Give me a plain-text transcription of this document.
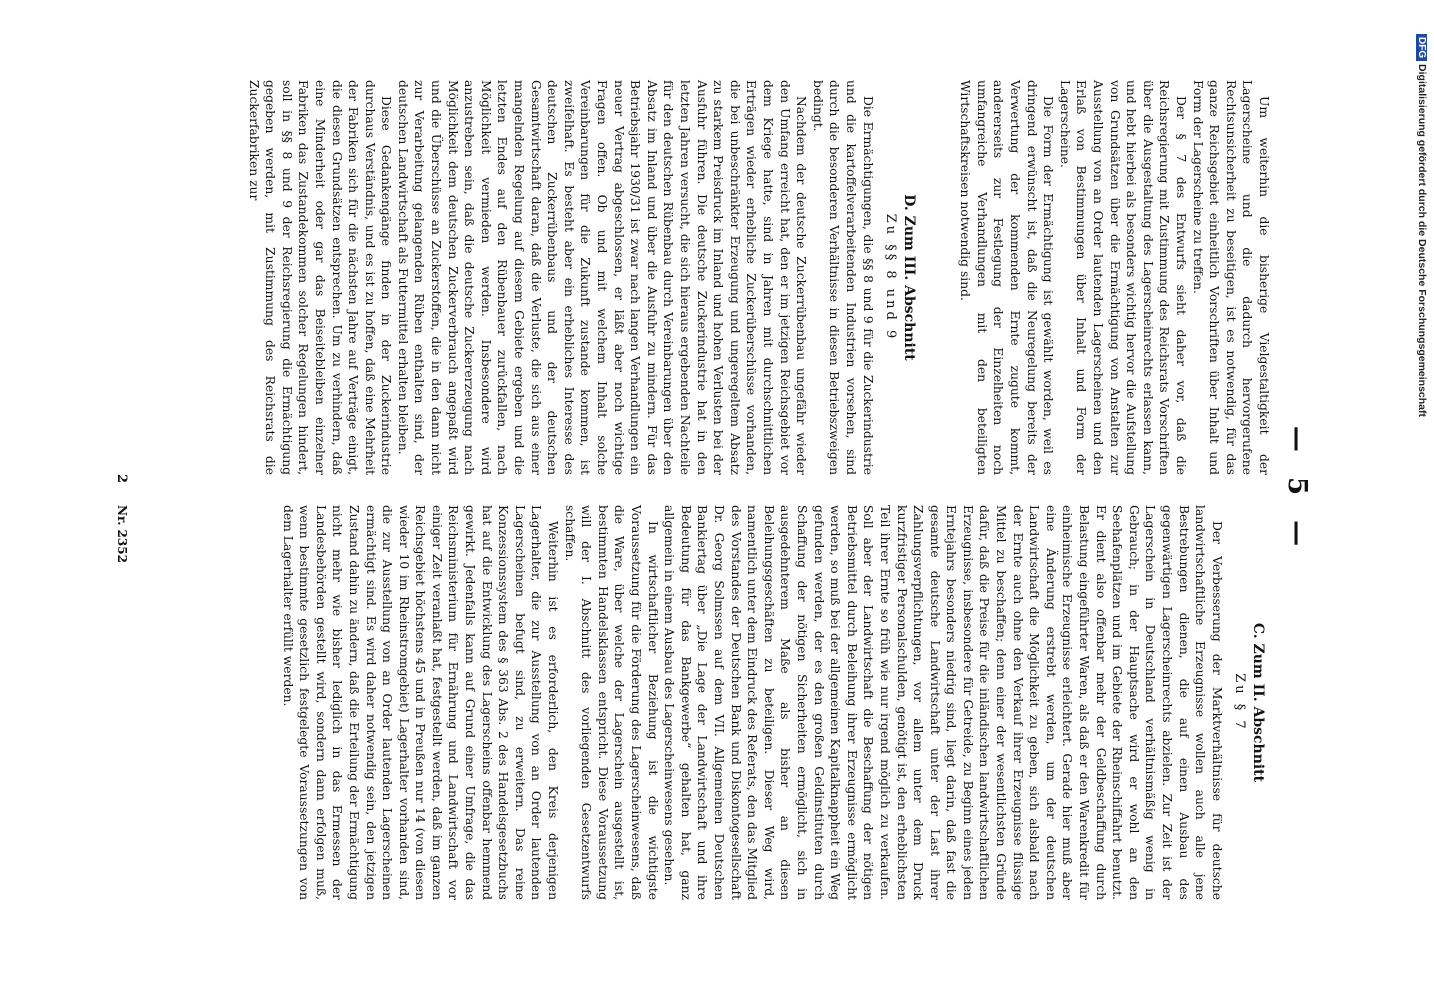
— 5 —

Um weiterhin die bisherige Vielgestaltigkeit der Lagerscheine und die dadurch hervorgerufene Rechtsunsicherheit zu beseitigen, ist es notwendig, für das ganze Reichsgebiet einheitlich Vorschriften über Inhalt und Form der Lagerscheine zu treffen.

Der § 7 des Entwurfs sieht daher vor, daß die Reichsregierung mit Zustimmung des Reichsrats Vorschriften über die Ausgestaltung des Lagerscheinrechts erlassen kann, und hebt hierbei als besonders wichtig hervor die Aufstellung von Grundsätzen über die Ermächtigung von Anstalten zur Ausstellung von an Order lautenden Lagerscheinen und den Erlaß von Bestimmungen über Inhalt und Form der Lagerscheine.

Die Form der Ermächtigung ist gewählt worden, weil es dringend erwünscht ist, daß die Neuregelung bereits der Verwertung der kommenden Ernte zugute kommt, andererseits zur Festlegung der Einzelheiten noch umfangreiche Verhandlungen mit den beteiligten Wirtschaftskreisen notwendig sind.

D. Zum III. Abschnitt
Zu §§ 8 und 9

Die Ermächtigungen, die §§ 8 und 9 für die Zuckerindustrie und die kartoffelverarbeitenden Industrien vorsehen, sind durch die besonderen Verhältnisse in diesen Betriebszweigen bedingt.

Nachdem der deutsche Zuckerrübenbau ungefähr wieder den Umfang erreicht hat, den er im jetzigen Reichsgebiet vor dem Kriege hatte, sind in Jahren mit durchschnittlichen Erträgen wieder erhebliche Zuckerüberschüsse vorhanden, die bei unbeschränkter Erzeugung und ungeregeltem Absatz zu starkem Preisdruck im Inland und hohen Verlusten bei der Ausfuhr führen. Die deutsche Zuckerindustrie hat in den letzten Jahren versucht, die sich hieraus ergebenden Nachteile für den deutschen Rübenbau durch Vereinbarungen über den Absatz im Inland und über die Ausfuhr zu mindern. Für das Betriebsjahr 1930/31 ist zwar nach langen Verhandlungen ein neuer Vertrag abgeschlossen, er läßt aber noch wichtige Fragen offen. Ob und mit welchem Inhalt solche Vereinbarungen für die Zukunft zustande kommen, ist zweifelhaft. Es besteht aber ein erhebliches Interesse des deutschen Zuckerrübenbaus und der deutschen Gesamtwirtschaft daran, daß die Verluste, die sich aus einer mangelnden Regelung auf diesem Gebiete ergeben und die letzten Endes auf den Rübenbauer zurückfallen, nach Möglichkeit vermieden werden. Insbesondere wird anzustreben sein, daß die deutsche Zuckererzeugung nach Möglichkeit dem deutschen Zuckerverbrauch angepaßt wird und die Überschüsse an Zuckerstoffen, die in den dann nicht zur Verarbeitung gelangenden Rüben enthalten sind, der deutschen Landwirtschaft als Futtermittel erhalten bleiben.

Diese Gedankengänge finden in der Zuckerindustrie durchaus Verständnis, und es ist zu hoffen, daß eine Mehrheit der Fabriken sich für die nächsten Jahre auf Verträge einigt, die diesen Grundsätzen entsprechen. Um zu verhindern, daß eine Minderheit oder gar das Beiseitebleiben einzelner Fabriken das Zustandekommen solcher Regelungen hindert, soll in §§ 8 und 9 der Reichsregierung die Ermächtigung gegeben werden, mit Zustimmung des Reichsrats die Zuckerfabriken zur

C. Zum II. Abschnitt
Zu § 7

Der Verbesserung der Marktverhältnisse für deutsche landwirtschaftliche Erzeugnisse wollen auch alle jene Bestrebungen dienen, die auf einen Ausbau des gegenwärtigen Lagerscheinrechts abzielen. Zur Zeit ist der Lagerschein in Deutschland verhältnismäßig wenig in Gebrauch; in der Hauptsache wird er wohl an den Seehafenplätzen und im Gebiete der Rheinschiffahrt benutzt. Er dient also offenbar mehr der Geldbeschaffung durch Belastung eingeführter Waren, als daß er den Warenkredit für einheimische Erzeugnisse erleichtert. Gerade hier muß aber eine Änderung erstrebt werden, um der deutschen Landwirtschaft die Möglichkeit zu geben, sich alsbald nach der Ernte auch ohne den Verkauf ihrer Erzeugnisse flüssige Mittel zu beschaffen; denn einer der wesentlichsten Gründe dafür, daß die Preise für die inländischen landwirtschaftlichen Erzeugnisse, insbesondere für Getreide, zu Beginn eines jeden Erntejahrs besonders niedrig sind, liegt darin, daß fast die gesamte deutsche Landwirtschaft unter der Last ihrer Zahlungsverpflichtungen, vor allem unter dem Druck kurzfristiger Personalschulden, genötigt ist, den erheblichsten Teil ihrer Ernte so früh wie nur irgend möglich zu verkaufen. Soll aber der Landwirtschaft die Beschaffung der nötigen Betriebsmittel durch Beleihung ihrer Erzeugnisse ermöglicht werden, so muß bei der allgemeinen Kapitalknappheit ein Weg gefunden werden, der es den großen Geldinstituten durch Schaffung der nötigen Sicherheiten ermöglicht, sich in ausgedehnterem Maße als bisher an diesen Beleihungsgeschäften zu beteiligen. Dieser Weg wird, namentlich unter dem Eindruck des Referats, den das Mitglied des Vorstandes der Deutschen Bank und Diskontogesellschaft Dr. Georg Solmssen auf dem VII. Allgemeinen Deutschen Bankiertag über „Die Lage der Landwirtschaft und ihre Bedeutung für das Bankgewerbe“ gehalten hat, ganz allgemein in einem Ausbau des Lagerscheinwesens gesehen.

In wirtschaftlicher Beziehung ist die wichtigste Voraussetzung für die Förderung des Lagerscheinwesens, daß die Ware, über welche der Lagerschein ausgestellt ist, bestimmten Handelsklassen entspricht. Diese Voraussetzung will der I. Abschnitt des vorliegenden Gesetzentwurfs schaffen.

Weiterhin ist es erforderlich, den Kreis derjenigen Lagerhalter, die zur Ausstellung von an Order lautenden Lagerscheinen befugt sind, zu erweitern. Das reine Konzessionssystem des § 363 Abs. 2 des Handelsgesetzbuchs hat auf die Entwicklung des Lagerscheins offenbar hemmend gewirkt. Jedenfalls kann auf Grund einer Umfrage, die das Reichsministerium für Ernährung und Landwirtschaft vor einiger Zeit veranlaßt hat, festgestellt werden, daß im ganzen Reichsgebiet höchstens 45 und in Preußen nur 14 (von diesen wieder 10 im Rheinstromgebiet) Lagerhalter vorhanden sind, die zur Ausstellung von an Order lautenden Lagerscheinen ermächtigt sind. Es wird daher notwendig sein, den jetzigen Zustand dahin zu ändern, daß die Erteilung der Ermächtigung nicht mehr wie bisher lediglich in das Ermessen der Landesbehörden gestellt wird, sondern dann erfolgen muß, wenn bestimmte gesetzlich festgelegte Voraussetzungen von dem Lagerhalter erfüllt werden.

2
Nr. 2352
DFG Digitalisierung gefördert durch die Deutsche Forschungsgemeinschaft
